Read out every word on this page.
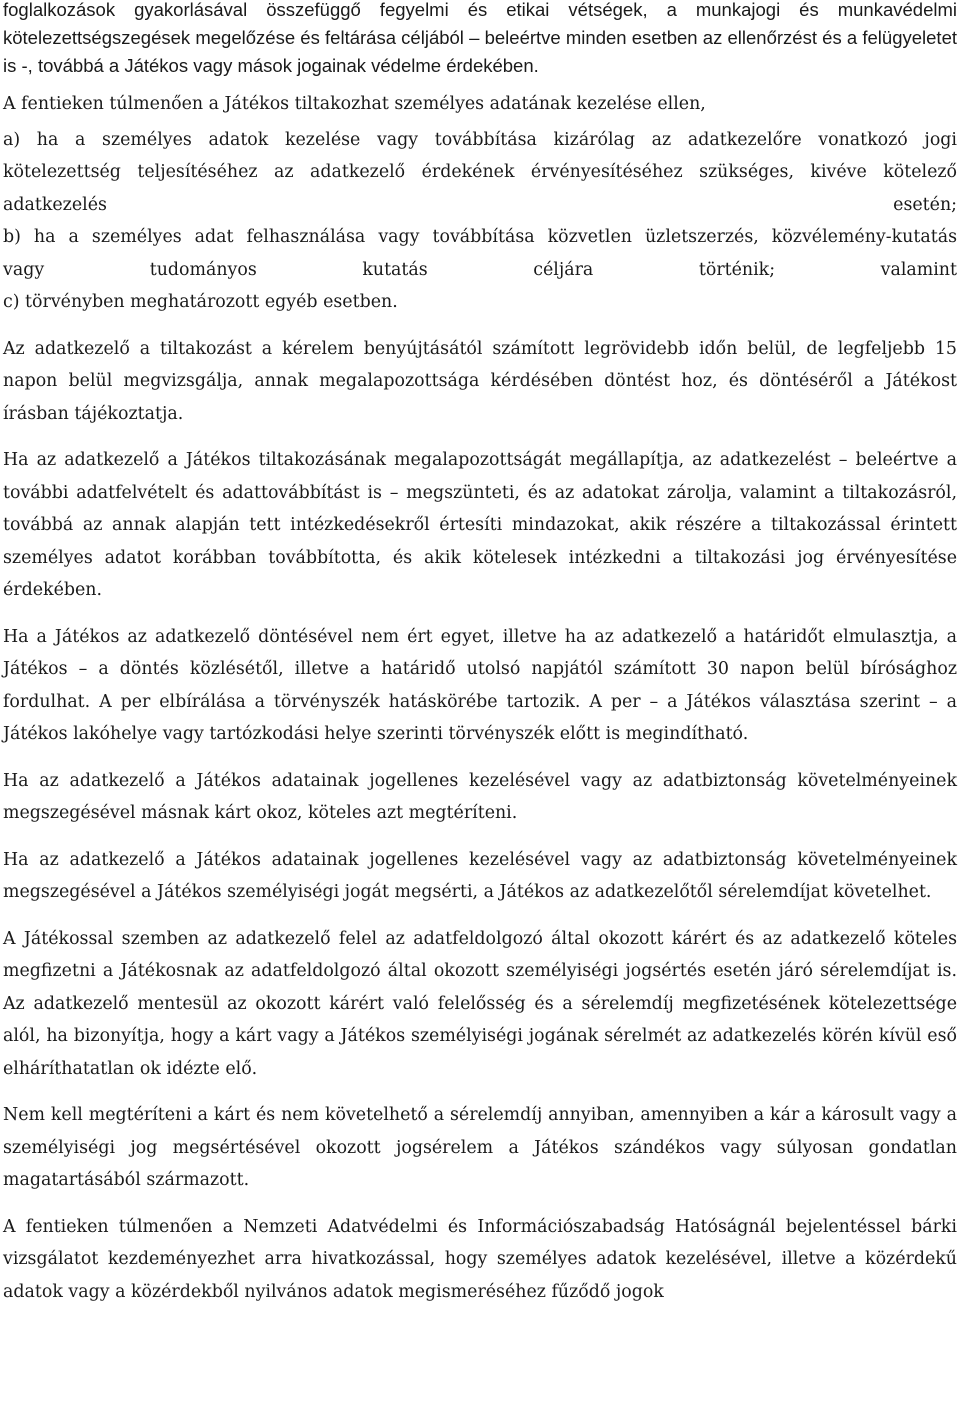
foglalkozások gyakorlásával összefüggő fegyelmi és etikai vétségek, a munkajogi és munkavédelmi kötelezettségszegések megelőzése és feltárása céljából – beleértve minden esetben az ellenőrzést és a felügyeletet is -, továbbá a Játékos vagy mások jogainak védelme érdekében.

A fentieken túlmenően a Játékos tiltakozhat személyes adatának kezelése ellen,
a) ha a személyes adatok kezelése vagy továbbítása kizárólag az adatkezelőre vonatkozó jogi
kötelezettség teljesítéséhez az adatkezelő érdekének érvényesítéséhez szükséges, kivéve kötelező
adatkezelés esetén;
b) ha a személyes adat felhasználása vagy továbbítása közvetlen üzletszerzés, közvélemény-kutatás
vagy tudományos kutatás céljára történik; valamint
c) törvényben meghatározott egyéb esetben.

Az adatkezelő a tiltakozást a kérelem benyújtásától számított legrövidebb időn belül, de legfeljebb 15 napon belül megvizsgálja, annak megalapozottsága kérdésében döntést hoz, és döntéséről a Játékost írásban tájékoztatja.

Ha az adatkezelő a Játékos tiltakozásának megalapozottságát megállapítja, az adatkezelést – beleértve a további adatfelvételt és adattovábbítást is – megszünteti, és az adatokat zárolja, valamint a tiltakozásról, továbbá az annak alapján tett intézkedésekről értesíti mindazokat, akik részére a tiltakozással érintett személyes adatot korábban továbbította, és akik kötelesek intézkedni a tiltakozási jog érvényesítése érdekében.

Ha a Játékos az adatkezelő döntésével nem ért egyet, illetve ha az adatkezelő a határidőt elmulasztja, a Játékos – a döntés közlésétől, illetve a határidő utolsó napjától számított 30 napon belül bírósághoz fordulhat. A per elbírálása a törvényszék hatáskörébe tartozik. A per – a Játékos választása szerint – a Játékos lakóhelye vagy tartózkodási helye szerinti törvényszék előtt is megindítható.

Ha az adatkezelő a Játékos adatainak jogellenes kezelésével vagy az adatbiztonság követelményeinek megszegésével másnak kárt okoz, köteles azt megtéríteni.

Ha az adatkezelő a Játékos adatainak jogellenes kezelésével vagy az adatbiztonság követelményeinek megszegésével a Játékos személyiségi jogát megsérti, a Játékos az adatkezelőtől sérelemdíjat követelhet.

A Játékossal szemben az adatkezelő felel az adatfeldolgozó által okozott kárért és az adatkezelő köteles megfizetni a Játékosnak az adatfeldolgozó által okozott személyiségi jogsértés esetén járó sérelemdíjat is. Az adatkezelő mentesül az okozott kárért való felelősség és a sérelemdíj megfizetésének kötelezettsége alól, ha bizonyítja, hogy a kárt vagy a Játékos személyiségi jogának sérelmét az adatkezelés körén kívül eső elháríthatatlan ok idézte elő.

Nem kell megtéríteni a kárt és nem követelhető a sérelemdíj annyiban, amennyiben a kár a károsult vagy a személyiségi jog megsértésével okozott jogsérelem a Játékos szándékos vagy súlyosan gondatlan magatartásából származott.

A fentieken túlmenően a Nemzeti Adatvédelmi és Információszabadság Hatóságnál bejelentéssel bárki vizsgálatot kezdeményezhet arra hivatkozással, hogy személyes adatok kezelésével, illetve a közérdekű adatok vagy a közérdekből nyilvános adatok megismeréséhez fűződő jogok
